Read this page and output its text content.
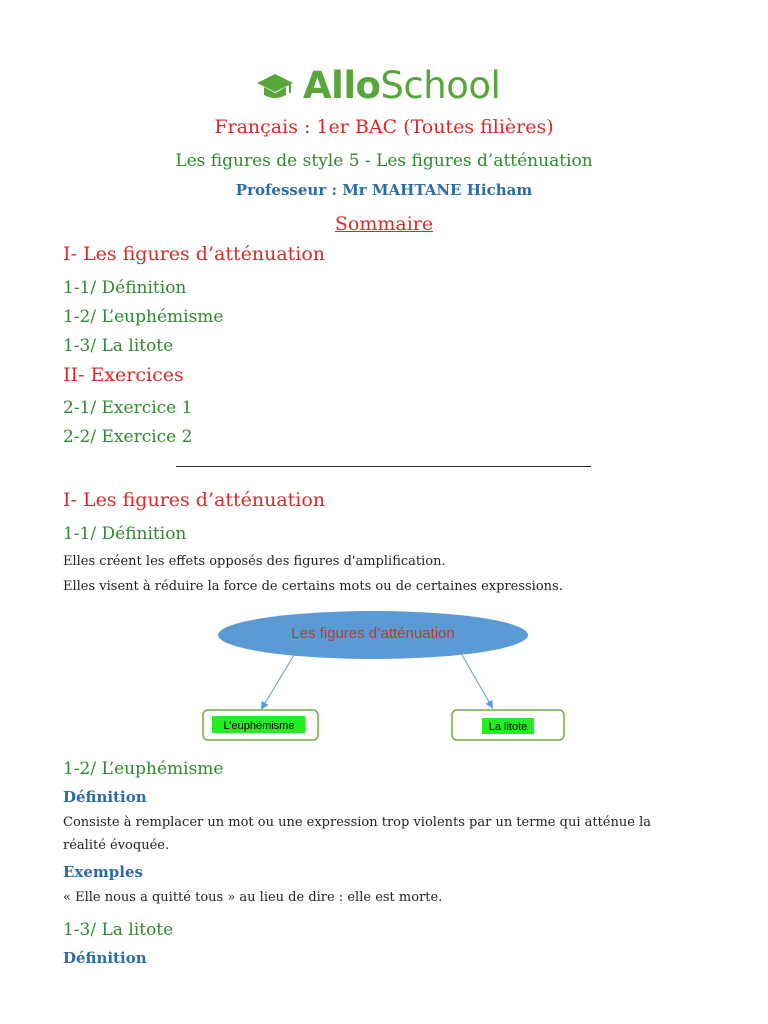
AlloSchool
Français : 1er BAC (Toutes filières)
Les figures de style 5 - Les figures d’atténuation
Professeur : Mr MAHTANE Hicham
Sommaire
I- Les figures d’atténuation
1-1/ Définition
1-2/ L’euphémisme
1-3/ La litote
II- Exercices
2-1/ Exercice 1
2-2/ Exercice 2
I- Les figures d’atténuation
1-1/ Définition
Elles créent les effets opposés des figures d'amplification.
Elles visent à réduire la force de certains mots ou de certaines expressions.
Les figures d’atténuation
L’euphémisme	La litote
1-2/ L’euphémisme
Définition
Consiste à remplacer un mot ou une expression trop violents par un terme qui atténue la
réalité évoquée.
Exemples
« Elle nous a quitté tous » au lieu de dire : elle est morte.
1-3/ La litote
Définition
